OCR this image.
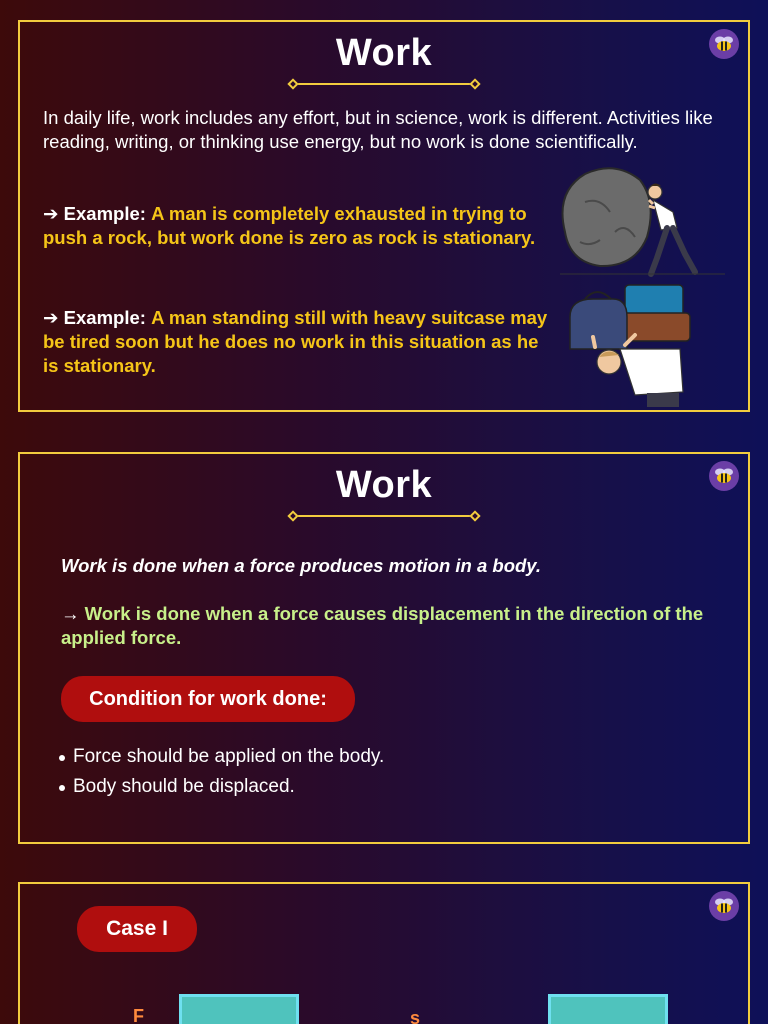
Work
In daily life, work includes any effort, but in science, work is different. Activities like reading, writing, or thinking use energy, but no work is done scientifically.
➔ Example: A man is completely exhausted in trying to push a rock, but work done is zero as rock is stationary.
➔ Example: A man standing still with heavy suitcase may be tired soon but he does no work in this situation as he is stationary.
Work
Work is done when a force produces motion in a body.
→ Work is done when a force causes displacement in the direction of the applied force.
Condition for work done:
Force should be applied on the body.
Body should be displaced.
Case I
F	s
